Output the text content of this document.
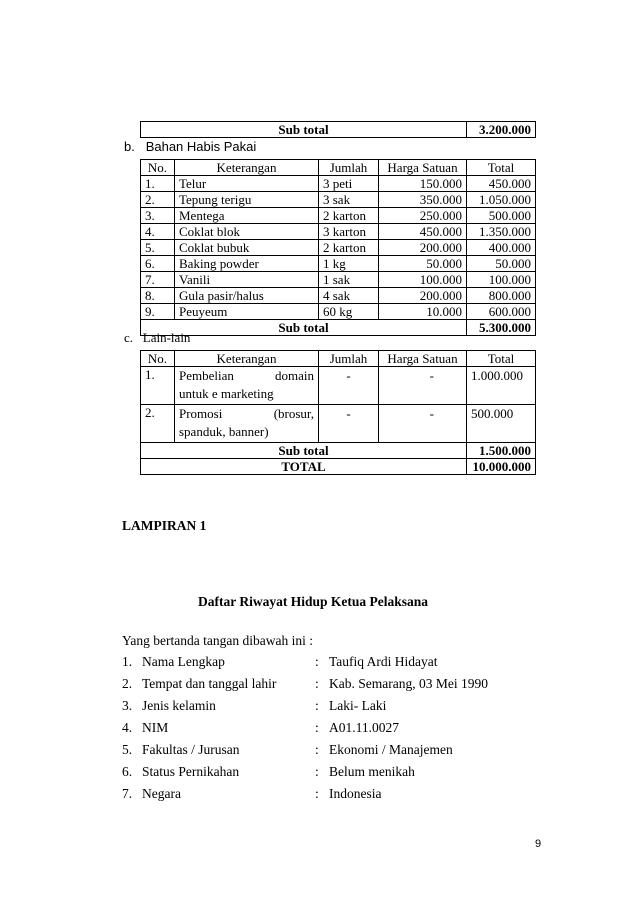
Sub total	3.200.000
b. Bahan Habis Pakai
No.	Keterangan	Jumlah	Harga Satuan	Total
1.	Telur	3 peti	150.000	450.000
2.	Tepung terigu	3 sak	350.000	1.050.000
3.	Mentega	2 karton	250.000	500.000
4.	Coklat blok	3 karton	450.000	1.350.000
5.	Coklat bubuk	2 karton	200.000	400.000
6.	Baking powder	1 kg	50.000	50.000
7.	Vanili	1 sak	100.000	100.000
8.	Gula pasir/halus	4 sak	200.000	800.000
9.	Peuyeum	60 kg	10.000	600.000
Sub total				5.300.000
c. Lain-lain
No.	Keterangan	Jumlah	Harga Satuan	Total
1.	Pembelian domain
untuk e marketing	-	-	1.000.000
2.	Promosi (brosur,
spanduk, banner)	-	-	500.000
Sub total				1.500.000
TOTAL				10.000.000
LAMPIRAN 1
Daftar Riwayat Hidup Ketua Pelaksana
Yang bertanda tangan dibawah ini :
1. Nama Lengkap	: Taufiq Ardi Hidayat
2. Tempat dan tanggal lahir	: Kab. Semarang, 03 Mei 1990
3. Jenis kelamin	: Laki- Laki
4. NIM	: A01.11.0027
5. Fakultas / Jurusan	: Ekonomi / Manajemen
6. Status Pernikahan	: Belum menikah
7. Negara	: Indonesia
9
